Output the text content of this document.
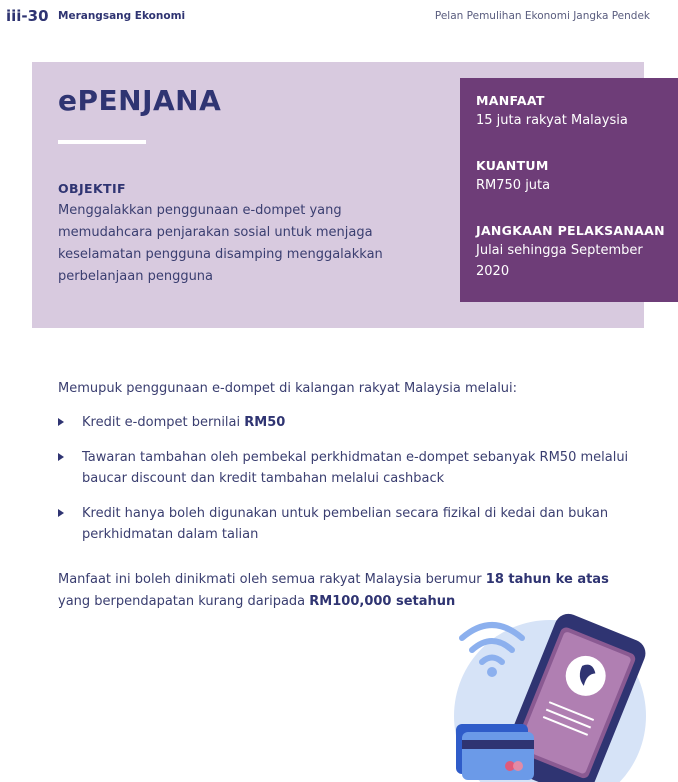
iii-30 Merangsang Ekonomi	Pelan Pemulihan Ekonomi Jangka Pendek
ePENJANA
OBJEKTIF
Menggalakkan penggunaan e-dompet yang memudahcara penjarakan sosial untuk menjaga keselamatan pengguna disamping menggalakkan perbelanjaan pengguna
MANFAAT
15 juta rakyat Malaysia
KUANTUM
RM750 juta
JANGKAAN PELAKSANAAN
Julai sehingga September 2020
Memupuk penggunaan e-dompet di kalangan rakyat Malaysia melalui:
Kredit e-dompet bernilai RM50
Tawaran tambahan oleh pembekal perkhidmatan e-dompet sebanyak RM50 melalui baucar discount dan kredit tambahan melalui cashback
Kredit hanya boleh digunakan untuk pembelian secara fizikal di kedai dan bukan perkhidmatan dalam talian
Manfaat ini boleh dinikmati oleh semua rakyat Malaysia berumur 18 tahun ke atas yang berpendapatan kurang daripada RM100,000 setahun
